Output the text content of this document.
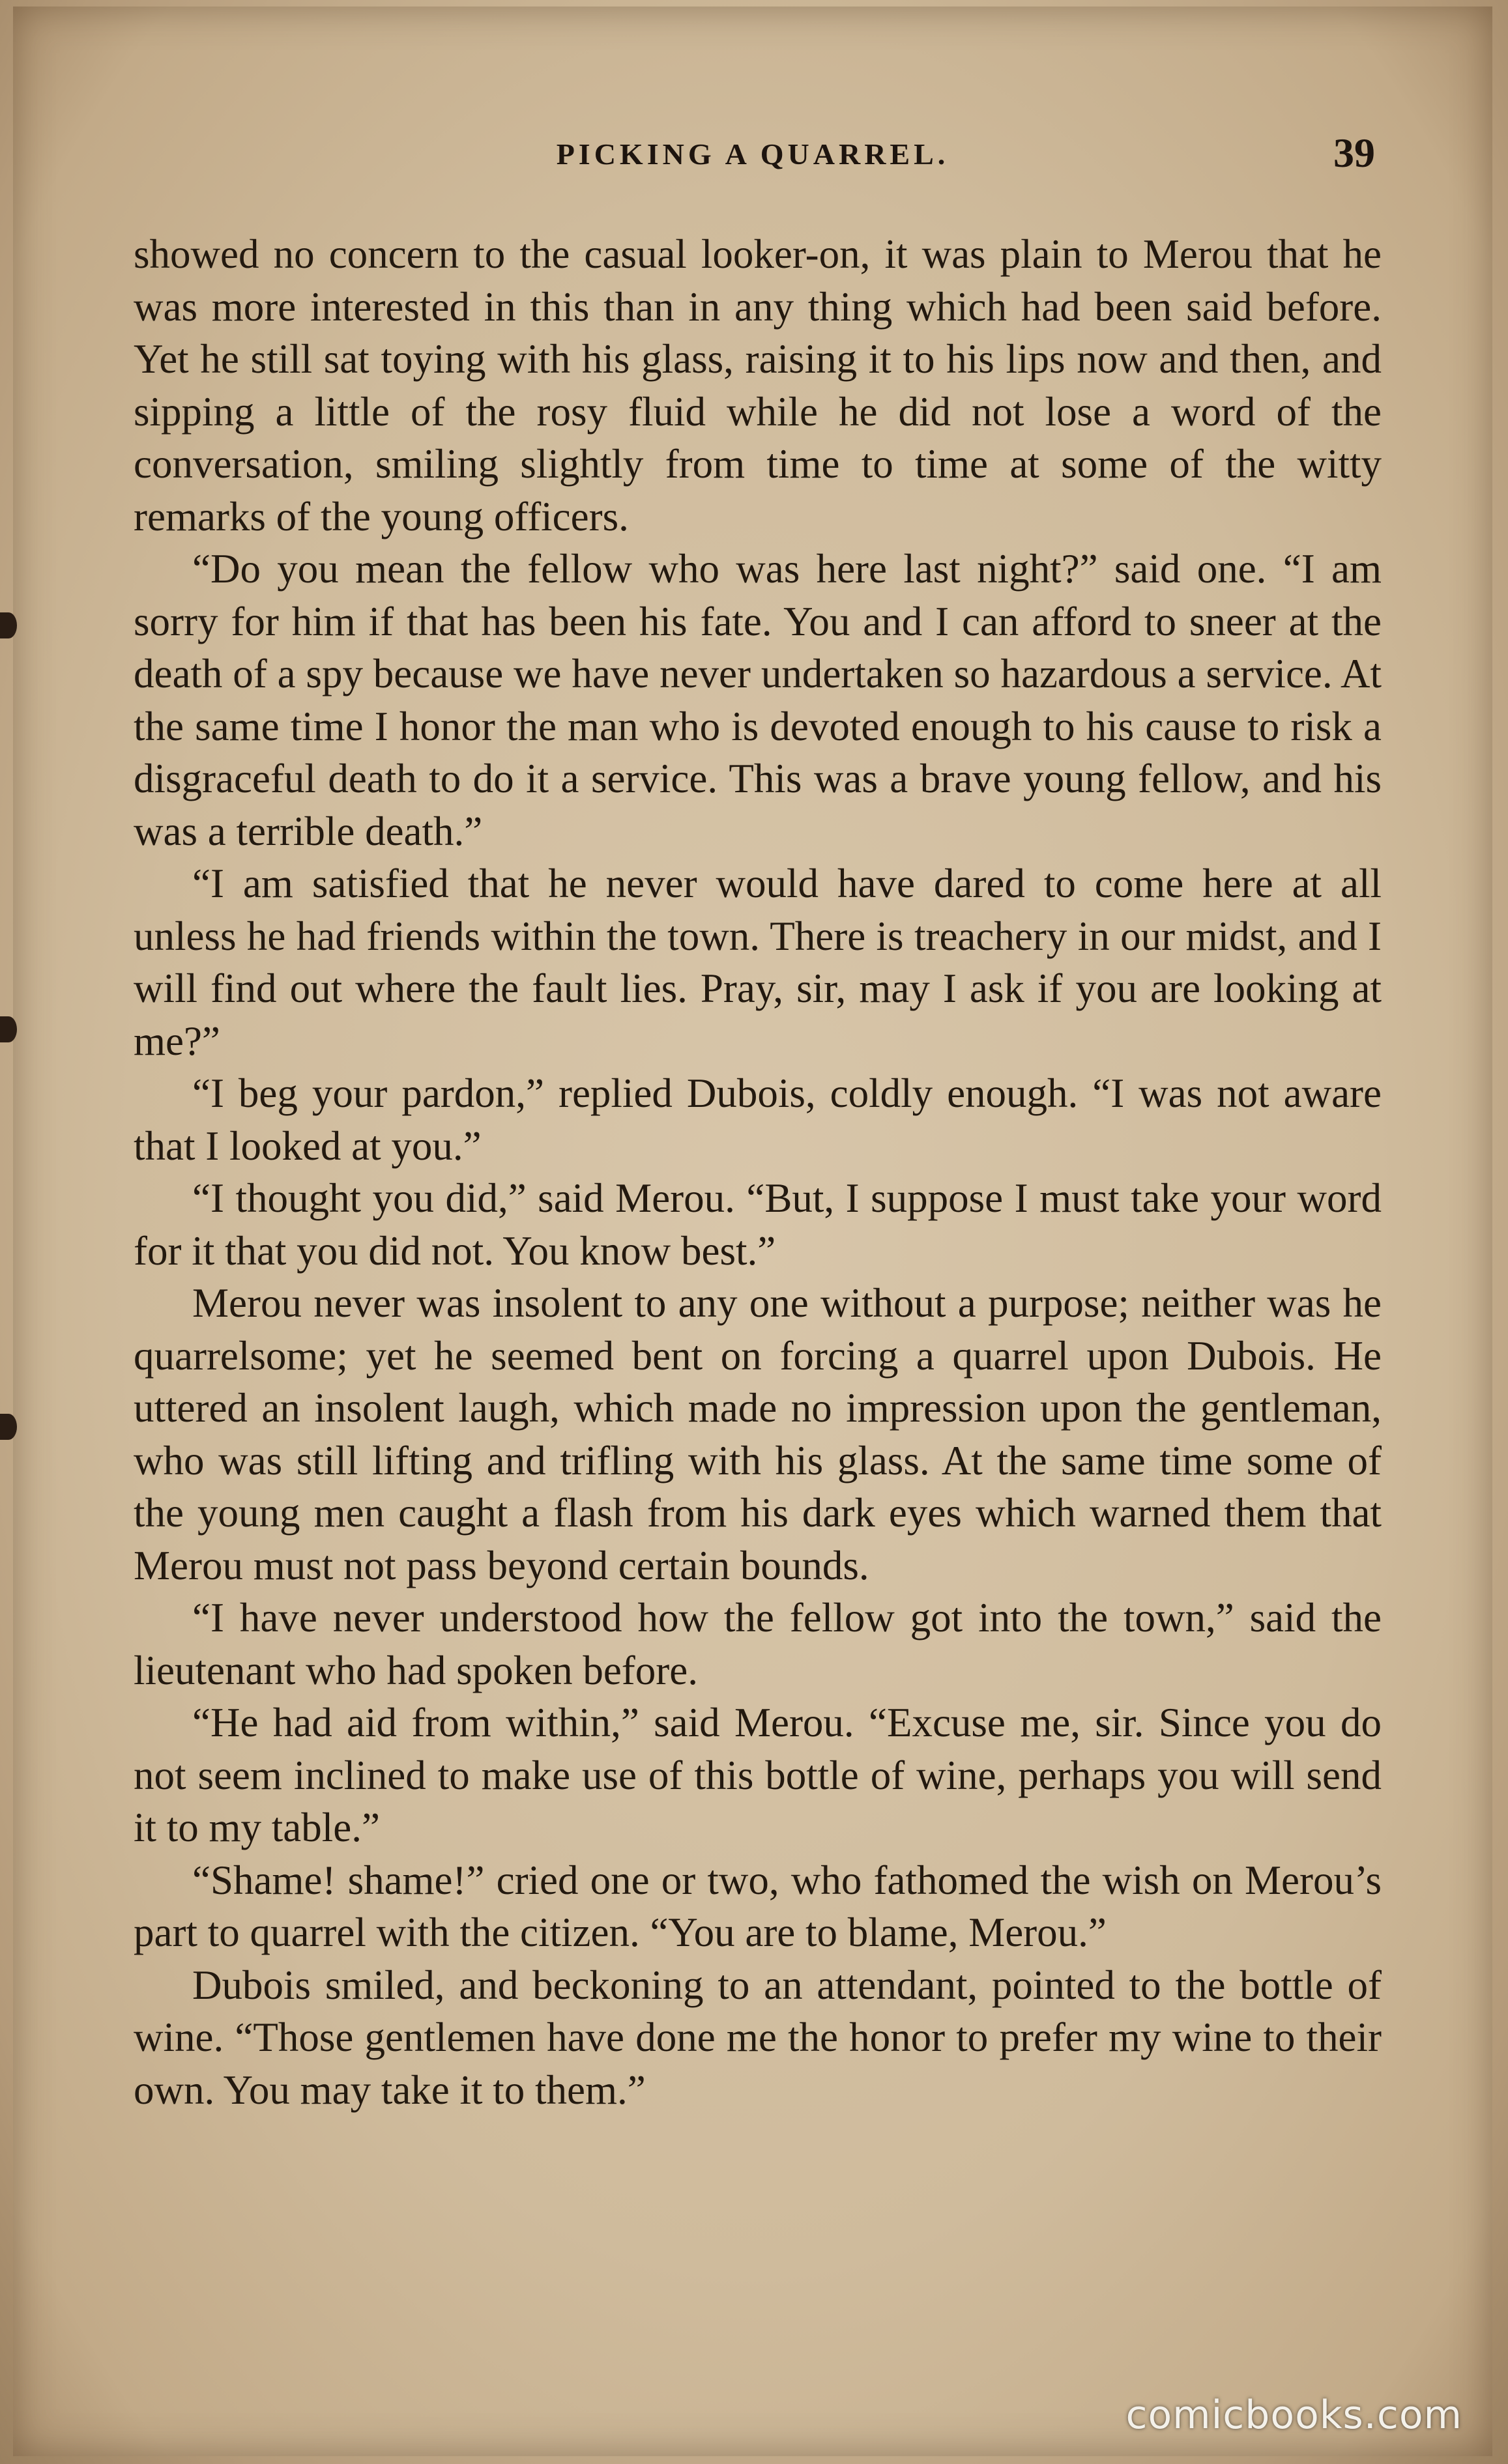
PICKING A QUARREL.	39

showed no concern to the casual looker-on, it was plain to Merou that he was more interested in this than in any thing which had been said before. Yet he still sat toying with his glass, raising it to his lips now and then, and sipping a little of the rosy fluid while he did not lose a word of the conversation, smiling slightly from time to time at some of the witty remarks of the young officers.

“Do you mean the fellow who was here last night?” said one. “I am sorry for him if that has been his fate. You and I can afford to sneer at the death of a spy because we have never undertaken so hazardous a service. At the same time I honor the man who is devoted enough to his cause to risk a disgraceful death to do it a service. This was a brave young fellow, and his was a terrible death.”

“I am satisfied that he never would have dared to come here at all unless he had friends within the town. There is treachery in our midst, and I will find out where the fault lies. Pray, sir, may I ask if you are looking at me?”

“I beg your pardon,” replied Dubois, coldly enough. “I was not aware that I looked at you.”

“I thought you did,” said Merou. “But, I suppose I must take your word for it that you did not. You know best.”

Merou never was insolent to any one without a purpose; neither was he quarrelsome; yet he seemed bent on forcing a quarrel upon Dubois. He uttered an insolent laugh, which made no impression upon the gentleman, who was still lifting and trifling with his glass. At the same time some of the young men caught a flash from his dark eyes which warned them that Merou must not pass beyond certain bounds.

“I have never understood how the fellow got into the town,” said the lieutenant who had spoken before.

“He had aid from within,” said Merou. “Excuse me, sir. Since you do not seem inclined to make use of this bottle of wine, perhaps you will send it to my table.”

“Shame! shame!” cried one or two, who fathomed the wish on Merou’s part to quarrel with the citizen. “You are to blame, Merou.”

Dubois smiled, and beckoning to an attendant, pointed to the bottle of wine. “Those gentlemen have done me the honor to prefer my wine to their own. You may take it to them.”

comicbooks.com
